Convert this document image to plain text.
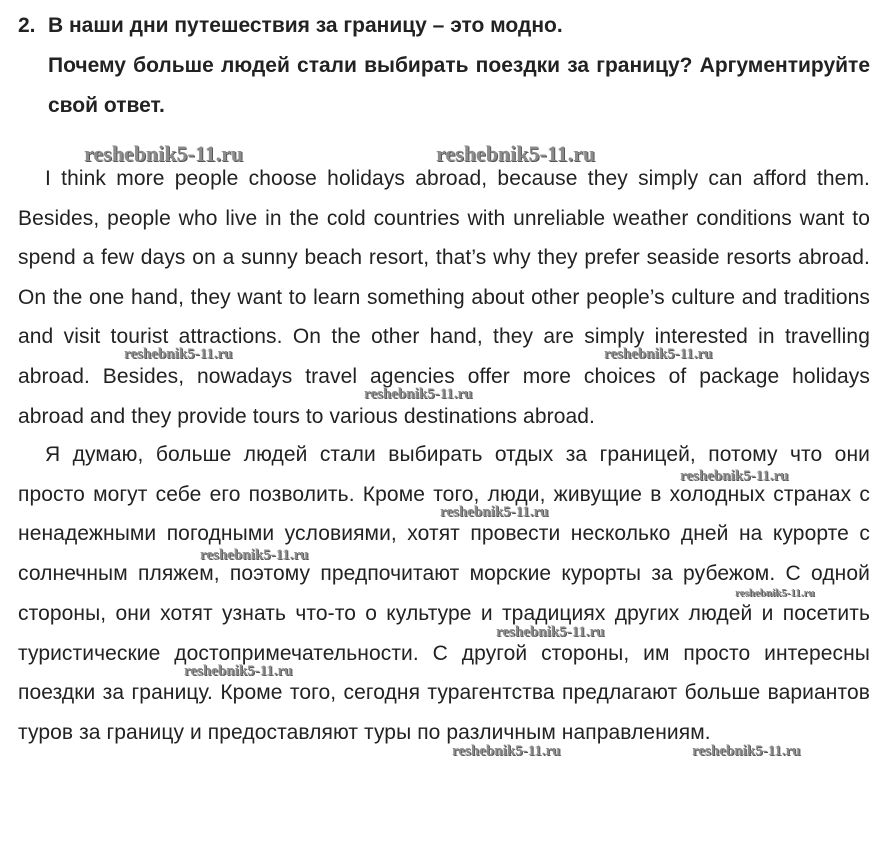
2. В наши дни путешествия за границу – это модно.
Почему больше людей стали выбирать поездки за границу? Аргументируйте свой ответ.

I think more people choose holidays abroad, because they simply can afford them. Besides, people who live in the cold countries with unreliable weather conditions want to spend a few days on a sunny beach resort, that’s why they prefer seaside resorts abroad. On the one hand, they want to learn something about other people’s culture and traditions and visit tourist attractions. On the other hand, they are simply interested in travelling abroad. Besides, nowadays travel agencies offer more choices of package holidays abroad and they provide tours to various destinations abroad.

Я думаю, больше людей стали выбирать отдых за границей, потому что они просто могут себе его позволить. Кроме того, люди, живущие в холодных странах с ненадежными погодными условиями, хотят провести несколько дней на курорте с солнечным пляжем, поэтому предпочитают морские курорты за рубежом. С одной стороны, они хотят узнать что-то о культуре и традициях других людей и посетить туристические достопримечательности. С другой стороны, им просто интересны поездки за границу. Кроме того, сегодня турагентства предлагают больше вариантов туров за границу и предоставляют туры по различным направлениям.

reshebnik5-11.ru	reshebnik5-11.ru
reshebnik5-11.ru	reshebnik5-11.ru
reshebnik5-11.ru
reshebnik5-11.ru
reshebnik5-11.ru
reshebnik5-11.ru
reshebnik5-11.ru
reshebnik5-11.ru
reshebnik5-11.ru
reshebnik5-11.ru	reshebnik5-11.ru
